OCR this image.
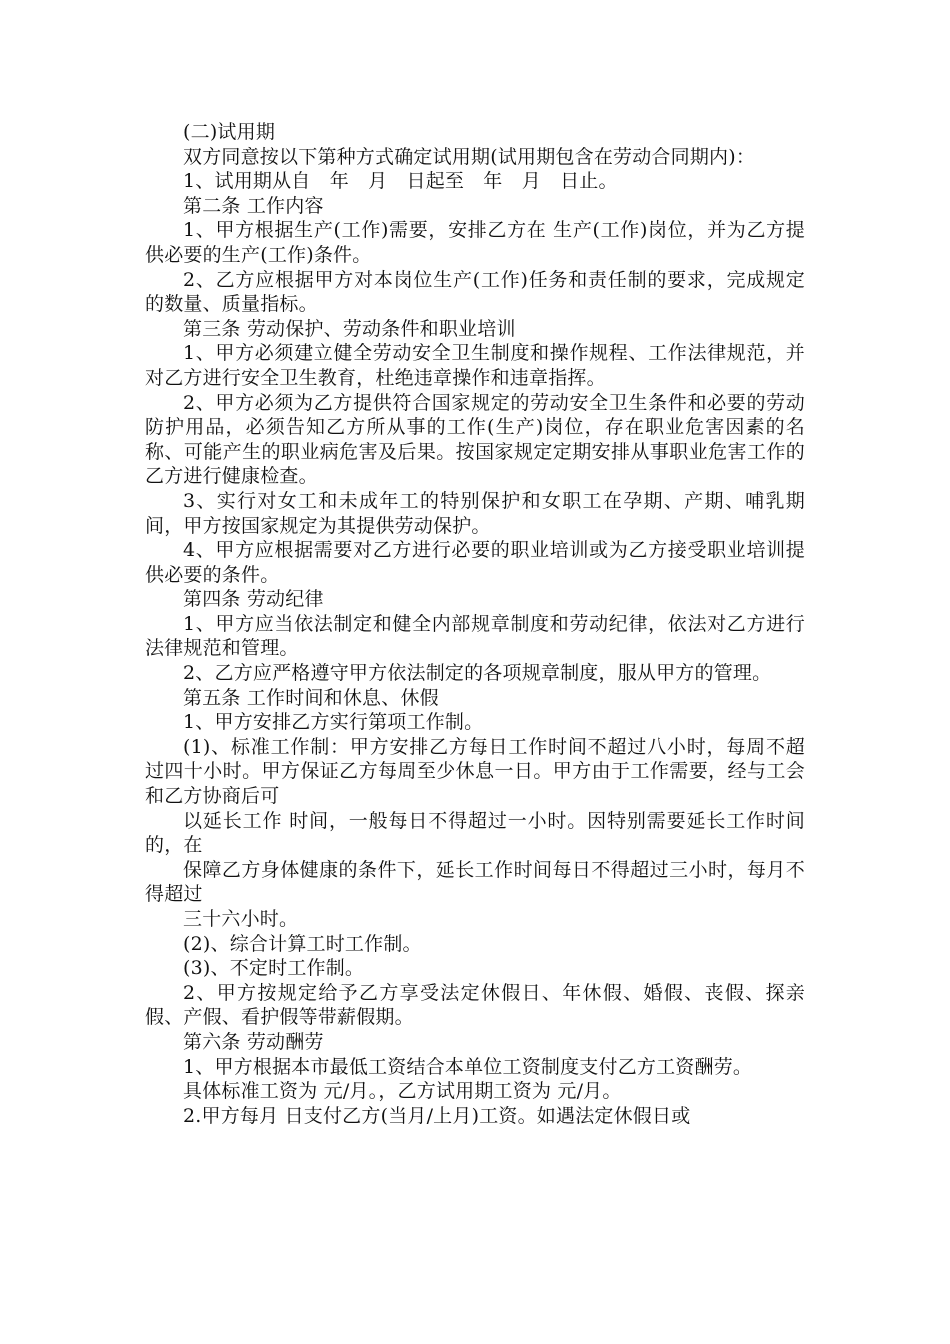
(二)试用期

双方同意按以下第种方式确定试用期(试用期包含在劳动合同期内)：

1、试用期从自　年　月　日起至　年　月　日止。

第二条 工作内容

1、甲方根据生产(工作)需要，安排乙方在 生产(工作)岗位，并为乙方提供必要的生产(工作)条件。

2、乙方应根据甲方对本岗位生产(工作)任务和责任制的要求，完成规定的数量、质量指标。

第三条 劳动保护、劳动条件和职业培训

1、甲方必须建立健全劳动安全卫生制度和操作规程、工作法律规范，并对乙方进行安全卫生教育，杜绝违章操作和违章指挥。

2、甲方必须为乙方提供符合国家规定的劳动安全卫生条件和必要的劳动防护用品，必须告知乙方所从事的工作(生产)岗位，存在职业危害因素的名称、可能产生的职业病危害及后果。按国家规定定期安排从事职业危害工作的乙方进行健康检查。

3、实行对女工和未成年工的特别保护和女职工在孕期、产期、哺乳期间，甲方按国家规定为其提供劳动保护。

4、甲方应根据需要对乙方进行必要的职业培训或为乙方接受职业培训提供必要的条件。

第四条 劳动纪律

1、甲方应当依法制定和健全内部规章制度和劳动纪律，依法对乙方进行法律规范和管理。

2、乙方应严格遵守甲方依法制定的各项规章制度，服从甲方的管理。

第五条 工作时间和休息、休假

1、甲方安排乙方实行第项工作制。

(1)、标准工作制：甲方安排乙方每日工作时间不超过八小时，每周不超过四十小时。甲方保证乙方每周至少休息一日。甲方由于工作需要，经与工会和乙方协商后可

以延长工作 时间，一般每日不得超过一小时。因特别需要延长工作时间的，在

保障乙方身体健康的条件下，延长工作时间每日不得超过三小时，每月不得超过

三十六小时。

(2)、综合计算工时工作制。

(3)、不定时工作制。

2、甲方按规定给予乙方享受法定休假日、年休假、婚假、丧假、探亲假、产假、看护假等带薪假期。

第六条 劳动酬劳

1、甲方根据本市最低工资结合本单位工资制度支付乙方工资酬劳。

具体标准工资为 元/月。，乙方试用期工资为 元/月。

2.甲方每月 日支付乙方(当月/上月)工资。如遇法定休假日或
